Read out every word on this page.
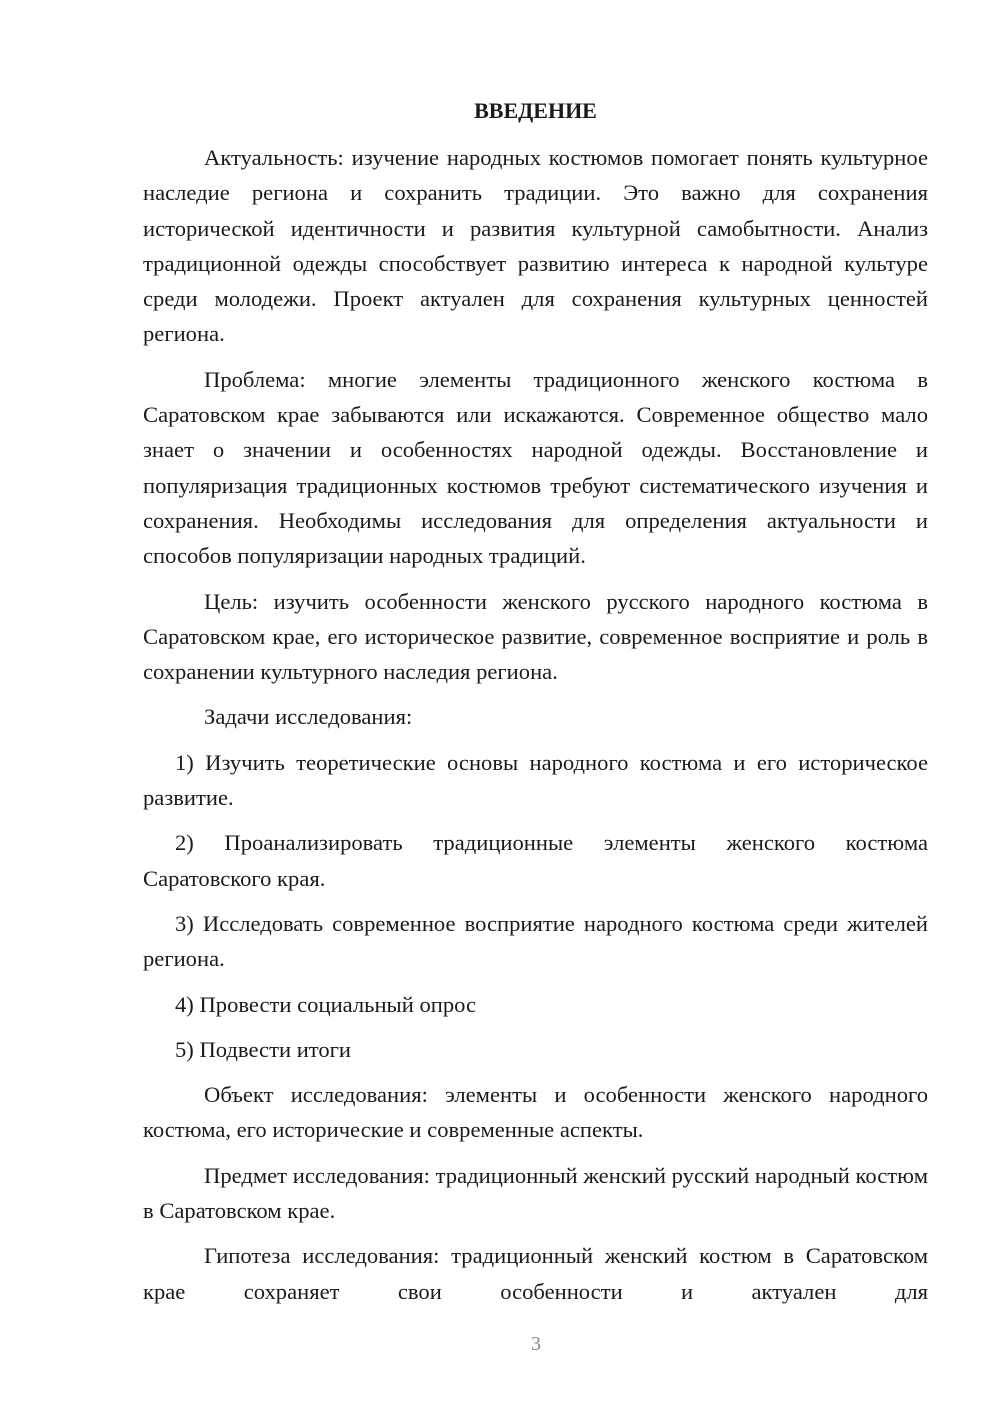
ВВЕДЕНИЕ

Актуальность: изучение народных костюмов помогает понять культурное наследие региона и сохранить традиции. Это важно для сохранения исторической идентичности и развития культурной самобытности. Анализ традиционной одежды способствует развитию интереса к народной культуре среди молодежи. Проект актуален для сохранения культурных ценностей региона.

Проблема: многие элементы традиционного женского костюма в Саратовском крае забываются или искажаются. Современное общество мало знает о значении и особенностях народной одежды. Восстановление и популяризация традиционных костюмов требуют систематического изучения и сохранения. Необходимы исследования для определения актуальности и способов популяризации народных традиций.

Цель: изучить особенности женского русского народного костюма в Саратовском крае, его историческое развитие, современное восприятие и роль в сохранении культурного наследия региона.

Задачи исследования:

1) Изучить теоретические основы народного костюма и его историческое развитие.

2) Проанализировать традиционные элементы женского костюма Саратовского края.

3) Исследовать современное восприятие народного костюма среди жителей региона.

4) Провести социальный опрос

5) Подвести итоги

Объект исследования: элементы и особенности женского народного костюма, его исторические и современные аспекты.

Предмет исследования: традиционный женский русский народный костюм в Саратовском крае.

Гипотеза исследования: традиционный женский костюм в Саратовском крае сохраняет свои особенности и актуален для

3
